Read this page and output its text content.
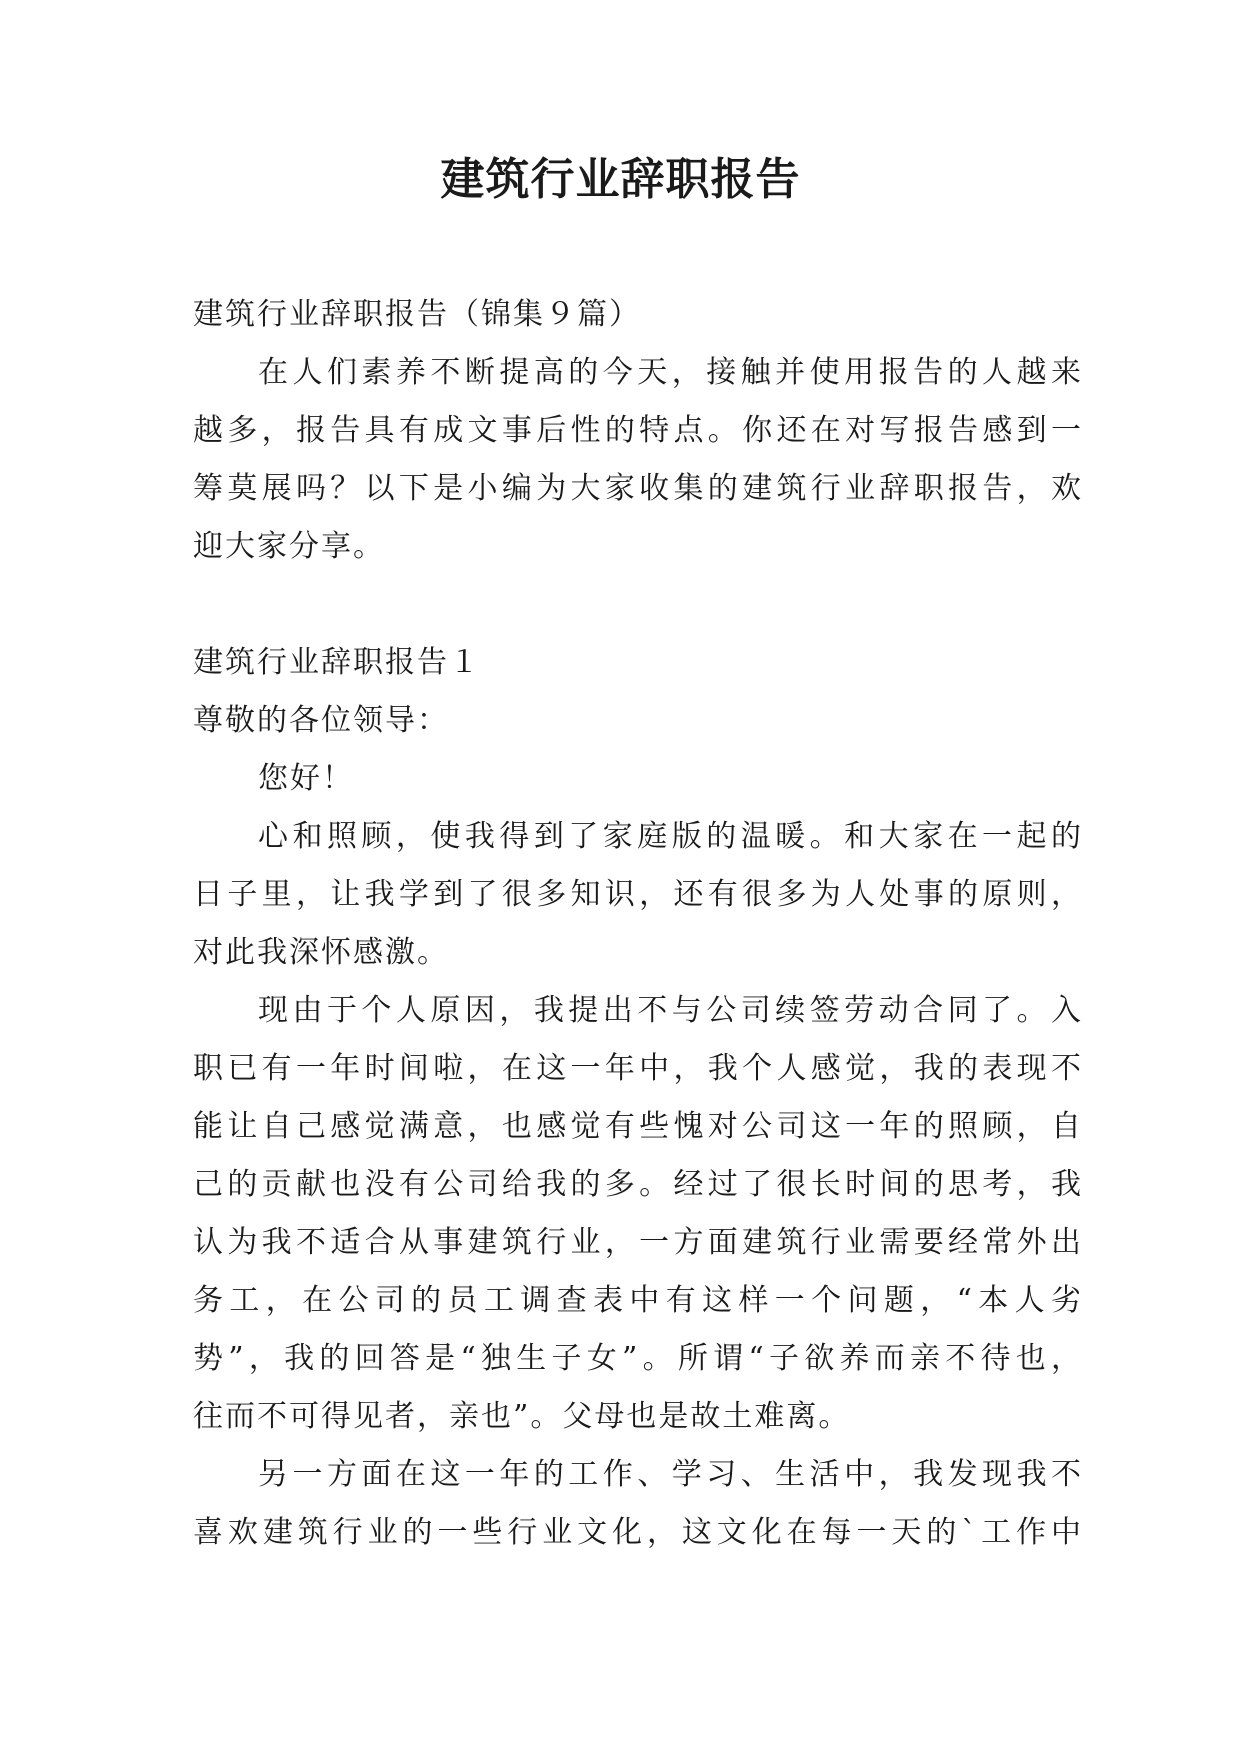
建筑行业辞职报告
建筑行业辞职报告（锦集９篇）
在人们素养不断提高的今天，接触并使用报告的人越来
越多，报告具有成文事后性的特点。你还在对写报告感到一
筹莫展吗？以下是小编为大家收集的建筑行业辞职报告，欢
迎大家分享。
建筑行业辞职报告１
尊敬的各位领导：
您好！
心和照顾，使我得到了家庭版的温暖。和大家在一起的
日子里，让我学到了很多知识，还有很多为人处事的原则，
对此我深怀感激。
现由于个人原因，我提出不与公司续签劳动合同了。入
职已有一年时间啦，在这一年中，我个人感觉，我的表现不
能让自己感觉满意，也感觉有些愧对公司这一年的照顾，自
己的贡献也没有公司给我的多。经过了很长时间的思考，我
认为我不适合从事建筑行业，一方面建筑行业需要经常外出
务工，在公司的员工调查表中有这样一个问题，“本人劣
势”，我的回答是“独生子女”。所谓“子欲养而亲不待也，
往而不可得见者，亲也”。父母也是故土难离。
另一方面在这一年的工作、学习、生活中，我发现我不
喜欢建筑行业的一些行业文化，这文化在每一天的`工作中
